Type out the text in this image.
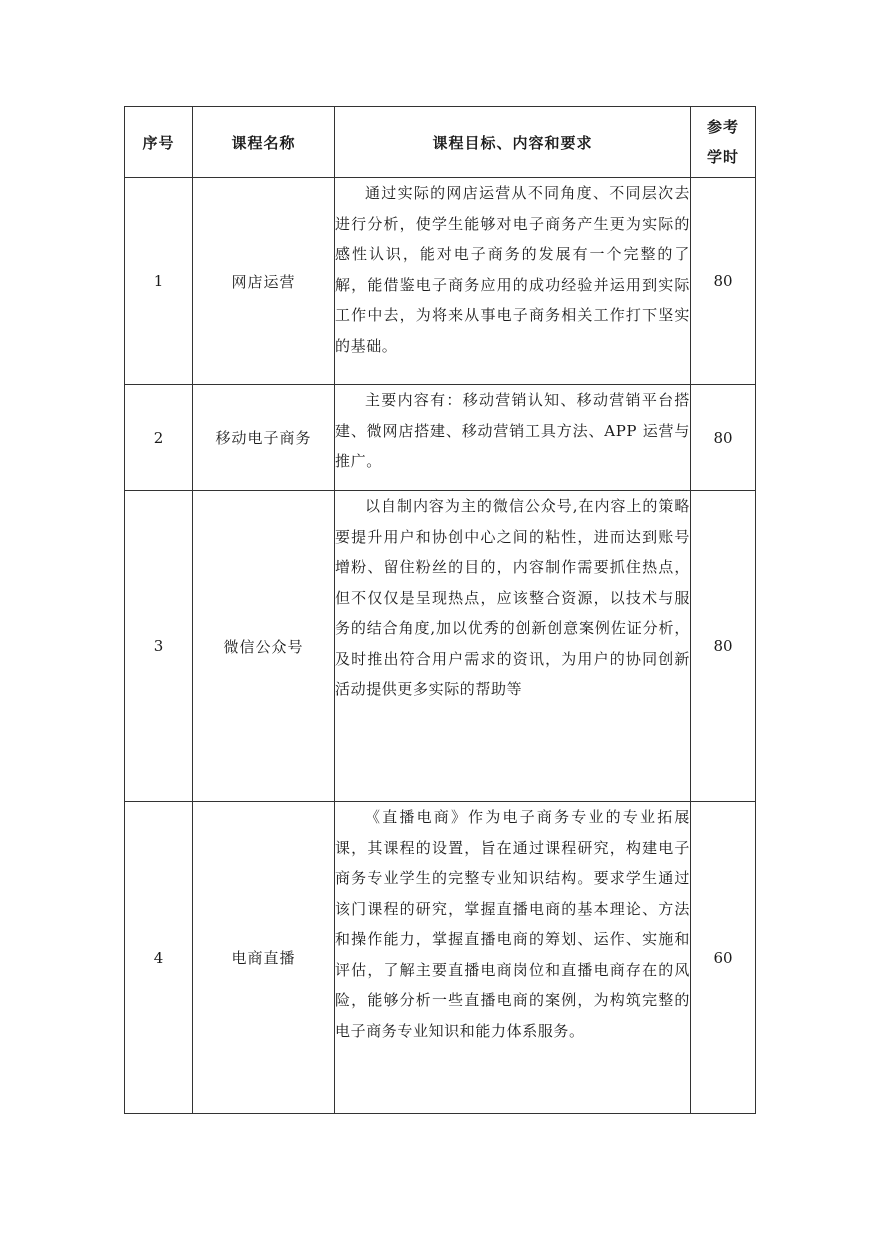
序号	课程名称	课程目标、内容和要求	参考
学时

1	网店运营	通过实际的网店运营从不同角度、不同层次去进行分析，使学生能够对电子商务产生更为实际的感性认识，能对电子商务的发展有一个完整的了解，能借鉴电子商务应用的成功经验并运用到实际工作中去，为将来从事电子商务相关工作打下坚实的基础。	80
2	移动电子商务	主要内容有：移动营销认知、移动营销平台搭建、微网店搭建、移动营销工具方法、APP 运营与推广。	80
3	微信公众号	以自制内容为主的微信公众号,在内容上的策略要提升用户和协创中心之间的粘性，进而达到账号增粉、留住粉丝的目的，内容制作需要抓住热点，但不仅仅是呈现热点，应该整合资源，以技术与服务的结合角度,加以优秀的创新创意案例佐证分析，及时推出符合用户需求的资讯，为用户的协同创新活动提供更多实际的帮助等	80
4	电商直播	《直播电商》作为电子商务专业的专业拓展课，其课程的设置，旨在通过课程研究，构建电子商务专业学生的完整专业知识结构。要求学生通过该门课程的研究，掌握直播电商的基本理论、方法和操作能力，掌握直播电商的筹划、运作、实施和评估，了解主要直播电商岗位和直播电商存在的风险，能够分析一些直播电商的案例，为构筑完整的电子商务专业知识和能力体系服务。	60
